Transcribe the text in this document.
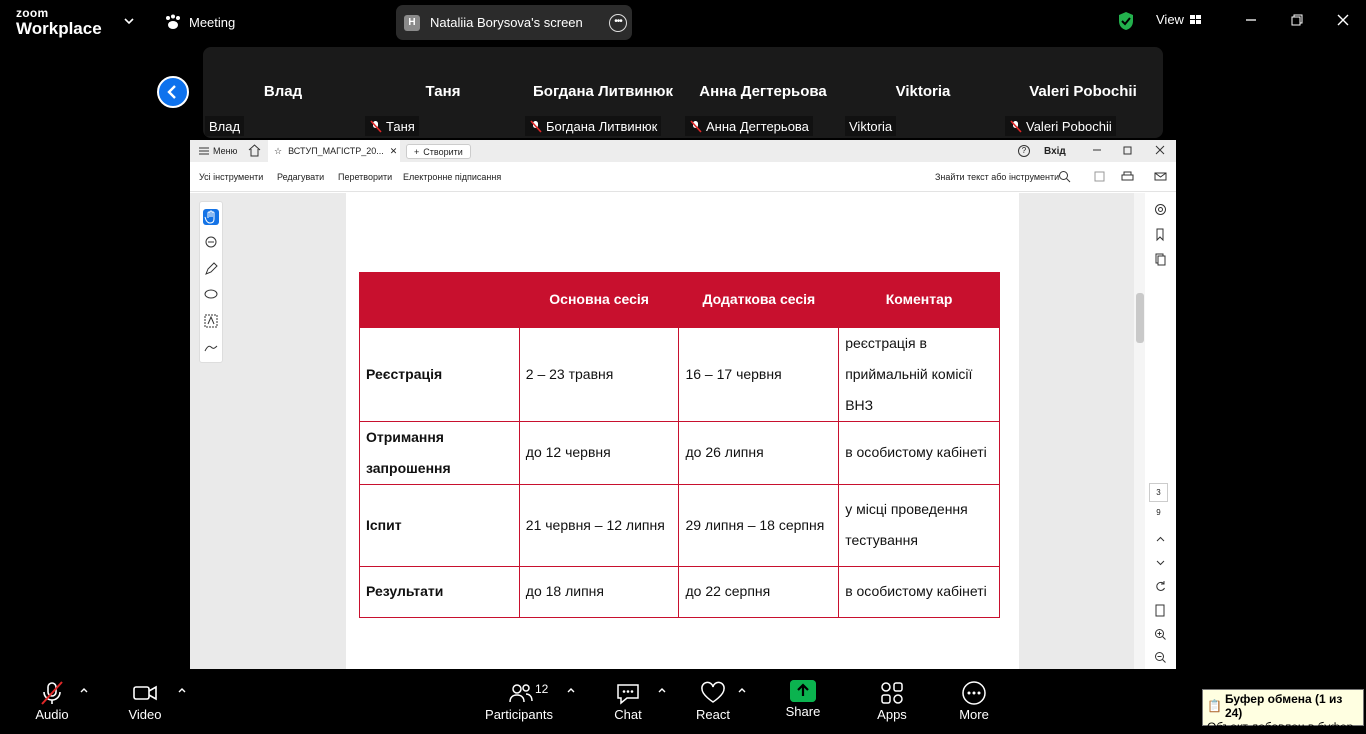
zoom
Workplace	Meeting	H	Nataliia Borysova's screen	•••	View
Влад
Влад
Таня
Таня
Богдана Литвинюк
Богдана Литвинюк
Анна Дегтерьова
Анна Дегтерьова
Viktoria
Viktoria
Valeri Pobochii
Valeri Pobochii
Меню	☆ ВСТУП_МАГІСТР_20... ✕ + Створити	?	Вхід
Усі інструменти Редагувати Перетворити Електронне підписання	Знайти текст або інструменти
	Основна сесія	Додаткова сесія	Коментар
Реєстрація	2 – 23 травня	16 – 17 червня	реєстрація в приймальній комісії ВНЗ
Отримання запрошення	до 12 червня	до 26 липня	в особистому кабінеті
Іспит	21 червня – 12 липня	29 липня – 18 серпня	у місці проведення тестування
Результати	до 18 липня	до 22 серпня	в особистому кабінеті
3
9
Audio	Video	Participants
12
Chat	React	Share	Apps	More
📋 Буфер обмена (1 из 24)
Объект добавлен в буфер.
